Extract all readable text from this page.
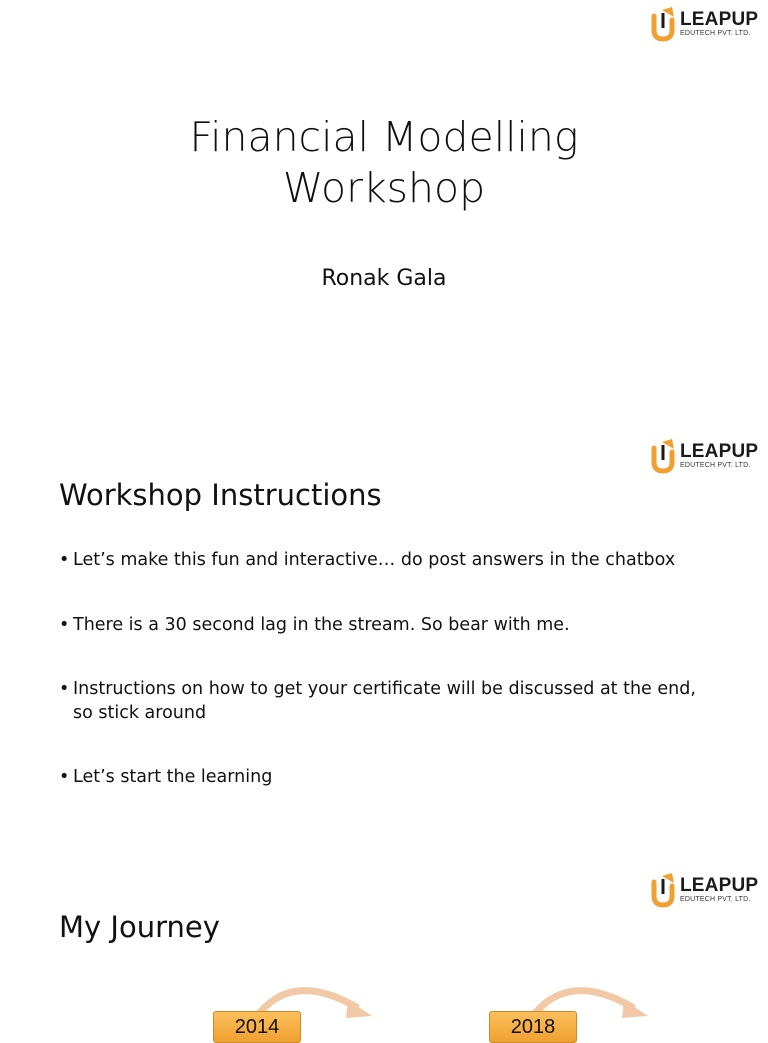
LEAPUP
EDUTECH PVT. LTD.
Financial Modelling
Workshop
Ronak Gala
LEAPUP
EDUTECH PVT. LTD.
Workshop Instructions
• Let’s make this fun and interactive… do post answers in the chatbox
• There is a 30 second lag in the stream. So bear with me.
• Instructions on how to get your certificate will be discussed at the end, so stick around
• Let’s start the learning
LEAPUP
EDUTECH PVT. LTD.
My Journey
2014	2018
